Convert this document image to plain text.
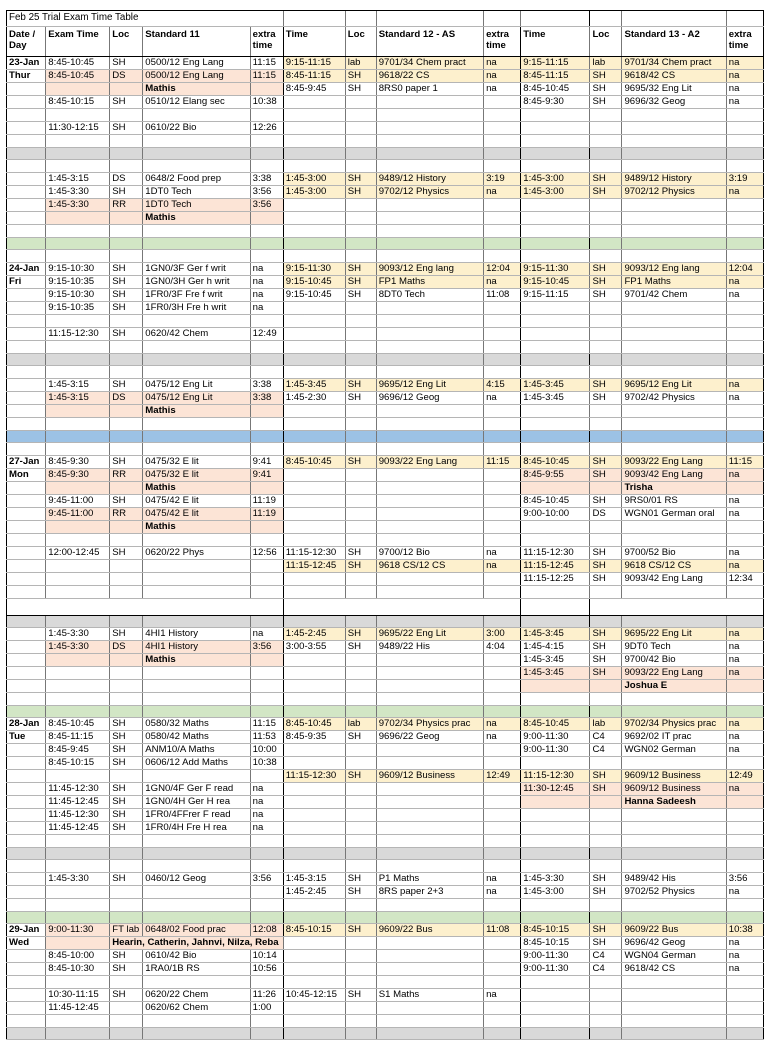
Feb 25 Trial Exam Time Table												
Date / Day	Exam Time	Loc	Standard 11	extra time	Time	Loc	Standard 12 - AS	extra time	Time	Loc	Standard 13 - A2	extra time
23-Jan	8:45-10:45	SH	0500/12 Eng Lang	11:15	9:15-11:15	lab	9701/34 Chem pract	na	9:15-11:15	lab	9701/34 Chem pract	na
Thur	8:45-10:45	DS	0500/12 Eng Lang	11:15	8:45-11:15	SH	9618/22 CS	na	8:45-11:15	SH	9618/42 CS	na
			Mathis		8:45-9:45	SH	8RS0 paper 1	na	8:45-10:45	SH	9695/32 Eng Lit	na
	8:45-10:15	SH	0510/12 Elang sec	10:38					8:45-9:30	SH	9696/32 Geog	na

	11:30-12:15	SH	0610/22 Bio	12:26								

	1:45-3:15	DS	0648/2 Food prep	3:38	1:45-3:00	SH	9489/12 History	3:19	1:45-3:00	SH	9489/12 History	3:19
	1:45-3:30	SH	1DT0 Tech	3:56	1:45-3:00	SH	9702/12 Physics	na	1:45-3:00	SH	9702/12 Physics	na
	1:45-3:30	RR	1DT0 Tech	3:56								
			Mathis									

24-Jan	9:15-10:30	SH	1GN0/3F Ger f writ	na	9:15-11:30	SH	9093/12 Eng lang	12:04	9:15-11:30	SH	9093/12 Eng lang	12:04
Fri	9:15-10:35	SH	1GN0/3H Ger h writ	na	9:15-10:45	SH	FP1 Maths	na	9:15-10:45	SH	FP1 Maths	na
	9:15-10:30	SH	1FR0/3F Fre f writ	na	9:15-10:45	SH	8DT0 Tech	11:08	9:15-11:15	SH	9701/42 Chem	na
	9:15-10:35	SH	1FR0/3H Fre h writ	na								

	11:15-12:30	SH	0620/42 Chem	12:49								

	1:45-3:15	SH	0475/12 Eng Lit	3:38	1:45-3:45	SH	9695/12 Eng Lit	4:15	1:45-3:45	SH	9695/12 Eng Lit	na
	1:45-3:15	DS	0475/12 Eng Lit	3:38	1:45-2:30	SH	9696/12 Geog	na	1:45-3:45	SH	9702/42 Physics	na
			Mathis									

27-Jan	8:45-9:30	SH	0475/32 E lit	9:41	8:45-10:45	SH	9093/22 Eng Lang	11:15	8:45-10:45	SH	9093/22 Eng Lang	11:15
Mon	8:45-9:30	RR	0475/32 E lit	9:41					8:45-9:55	SH	9093/42 Eng Lang	na
			Mathis								Trisha	
	9:45-11:00	SH	0475/42 E lit	11:19					8:45-10:45	SH	9RS0/01 RS	na
	9:45-11:00	RR	0475/42 E lit	11:19					9:00-10:00	DS	WGN01 German oral	na
			Mathis									

	12:00-12:45	SH	0620/22 Phys	12:56	11:15-12:30	SH	9700/12 Bio	na	11:15-12:30	SH	9700/52 Bio	na
					11:15-12:45	SH	9618 CS/12 CS	na	11:15-12:45	SH	9618 CS/12 CS	na
									11:15-12:25	SH	9093/42 Eng Lang	12:34

	1:45-3:30	SH	4HI1 History	na	1:45-2:45	SH	9695/22 Eng Lit	3:00	1:45-3:45	SH	9695/22 Eng Lit	na
	1:45-3:30	DS	4HI1 History	3:56	3:00-3:55	SH	9489/22 His	4:04	1:45-4:15	SH	9DT0 Tech	na
			Mathis						1:45-3:45	SH	9700/42 Bio	na
									1:45-3:45	SH	9093/22 Eng Lang	na
											Joshua E	

28-Jan	8:45-10:45	SH	0580/32 Maths	11:15	8:45-10:45	lab	9702/34 Physics prac	na	8:45-10:45	lab	9702/34 Physics prac	na
Tue	8:45-11:15	SH	0580/42 Maths	11:53	8:45-9:35	SH	9696/22 Geog	na	9:00-11:30	C4	9692/02 IT prac	na
	8:45-9:45	SH	ANM10/A Maths	10:00					9:00-11:30	C4	WGN02 German	na
	8:45-10:15	SH	0606/12 Add Maths	10:38								
					11:15-12:30	SH	9609/12 Business	12:49	11:15-12:30	SH	9609/12 Business	12:49
	11:45-12:30	SH	1GN0/4F Ger F read	na					11:30-12:45	SH	9609/12 Business	na
	11:45-12:45	SH	1GN0/4H Ger H rea	na							Hanna Sadeesh	
	11:45-12:30	SH	1FR0/4FFrer F read	na								
	11:45-12:45	SH	1FR0/4H Fre H rea	na								

	1:45-3:30	SH	0460/12 Geog	3:56	1:45-3:15	SH	P1 Maths	na	1:45-3:30	SH	9489/42 His	3:56
					1:45-2:45	SH	8RS paper 2+3	na	1:45-3:00	SH	9702/52 Physics	na

29-Jan	9:00-11:30	FT lab	0648/02 Food prac	12:08	8:45-10:15	SH	9609/22 Bus	11:08	8:45-10:15	SH	9609/22 Bus	10:38
Wed		Hearin, Catherin, Jahnvi, Nilza, Reba							8:45-10:15	SH	9696/42 Geog	na
	8:45-10:00	SH	0610/42 Bio	10:14					9:00-11:30	C4	WGN04 German	na
	8:45-10:30	SH	1RA0/1B RS	10:56					9:00-11:30	C4	9618/42 CS	na

	10:30-11:15	SH	0620/22 Chem	11:26	10:45-12:15	SH	S1 Maths	na				
	11:45-12:45		0620/62 Chem	1:00								
